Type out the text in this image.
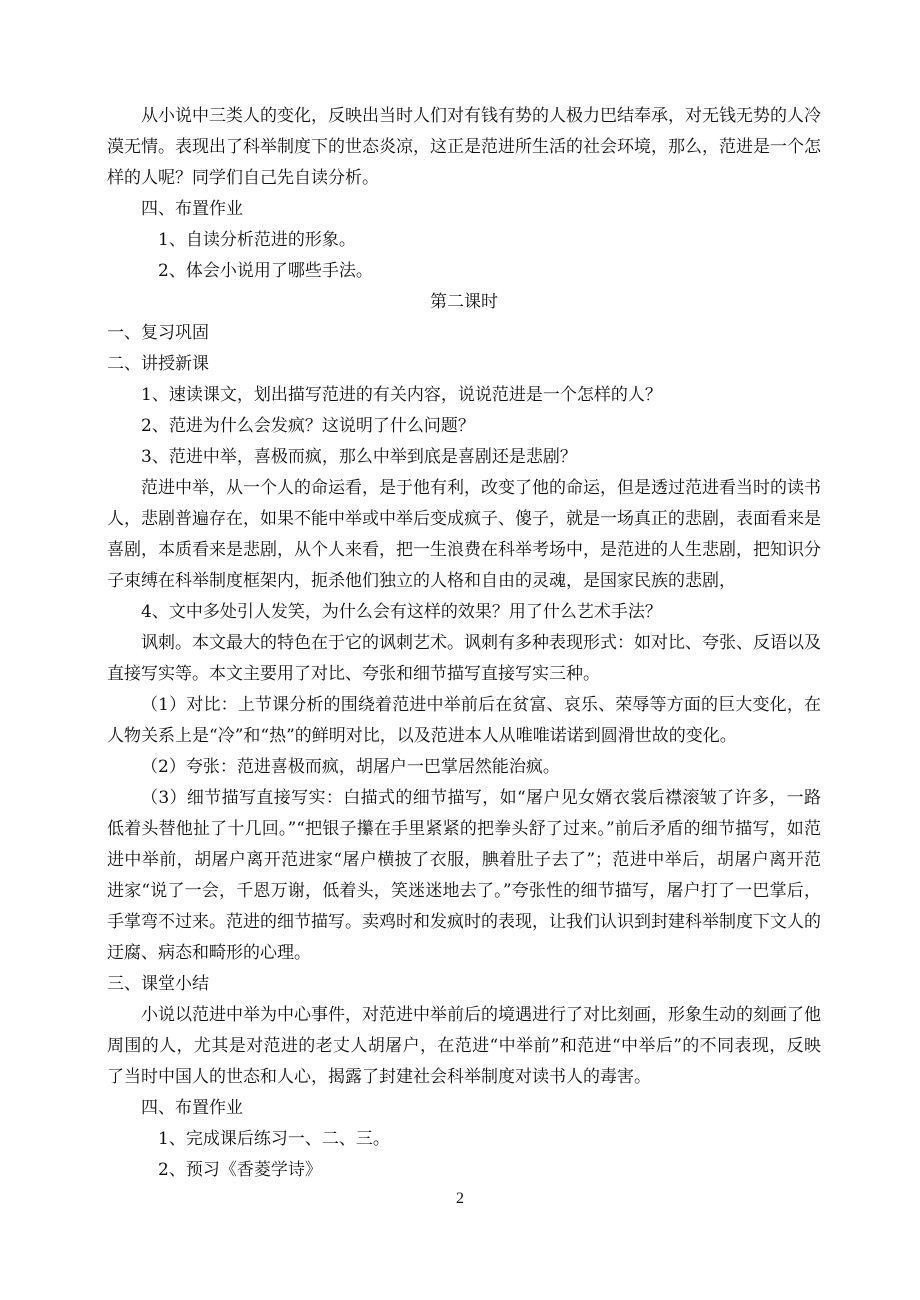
从小说中三类人的变化，反映出当时人们对有钱有势的人极力巴结奉承，对无钱无势的人冷漠无情。表现出了科举制度下的世态炎凉，这正是范进所生活的社会环境，那么，范进是一个怎样的人呢？同学们自己先自读分析。

四、布置作业

1、自读分析范进的形象。

2、体会小说用了哪些手法。

第二课时

一、复习巩固

二、讲授新课

1、速读课文，划出描写范进的有关内容，说说范进是一个怎样的人？

2、范进为什么会发疯？这说明了什么问题？

3、范进中举，喜极而疯，那么中举到底是喜剧还是悲剧？

范进中举，从一个人的命运看，是于他有利，改变了他的命运，但是透过范进看当时的读书人，悲剧普遍存在，如果不能中举或中举后变成疯子、傻子，就是一场真正的悲剧，表面看来是喜剧，本质看来是悲剧，从个人来看，把一生浪费在科举考场中，是范进的人生悲剧，把知识分子束缚在科举制度框架内，扼杀他们独立的人格和自由的灵魂，是国家民族的悲剧，

4、文中多处引人发笑，为什么会有这样的效果？用了什么艺术手法？

讽刺。本文最大的特色在于它的讽刺艺术。讽刺有多种表现形式：如对比、夸张、反语以及直接写实等。本文主要用了对比、夸张和细节描写直接写实三种。

（1）对比：上节课分析的围绕着范进中举前后在贫富、哀乐、荣辱等方面的巨大变化，在人物关系上是“冷”和“热”的鲜明对比，以及范进本人从唯唯诺诺到圆滑世故的变化。

（2）夸张：范进喜极而疯，胡屠户一巴掌居然能治疯。

（3）细节描写直接写实：白描式的细节描写，如“屠户见女婿衣裳后襟滚皱了许多，一路低着头替他扯了十几回。”“把银子攥在手里紧紧的把拳头舒了过来。”前后矛盾的细节描写，如范进中举前，胡屠户离开范进家“屠户横披了衣服，腆着肚子去了”；范进中举后，胡屠户离开范进家“说了一会，千恩万谢，低着头，笑迷迷地去了。”夸张性的细节描写，屠户打了一巴掌后，手掌弯不过来。范进的细节描写。卖鸡时和发疯时的表现，让我们认识到封建科举制度下文人的迂腐、病态和畸形的心理。

三、课堂小结

小说以范进中举为中心事件，对范进中举前后的境遇进行了对比刻画，形象生动的刻画了他周围的人，尤其是对范进的老丈人胡屠户，在范进“中举前”和范进“中举后”的不同表现，反映了当时中国人的世态和人心，揭露了封建社会科举制度对读书人的毒害。

四、布置作业

1、完成课后练习一、二、三。

2、预习《香菱学诗》

2
